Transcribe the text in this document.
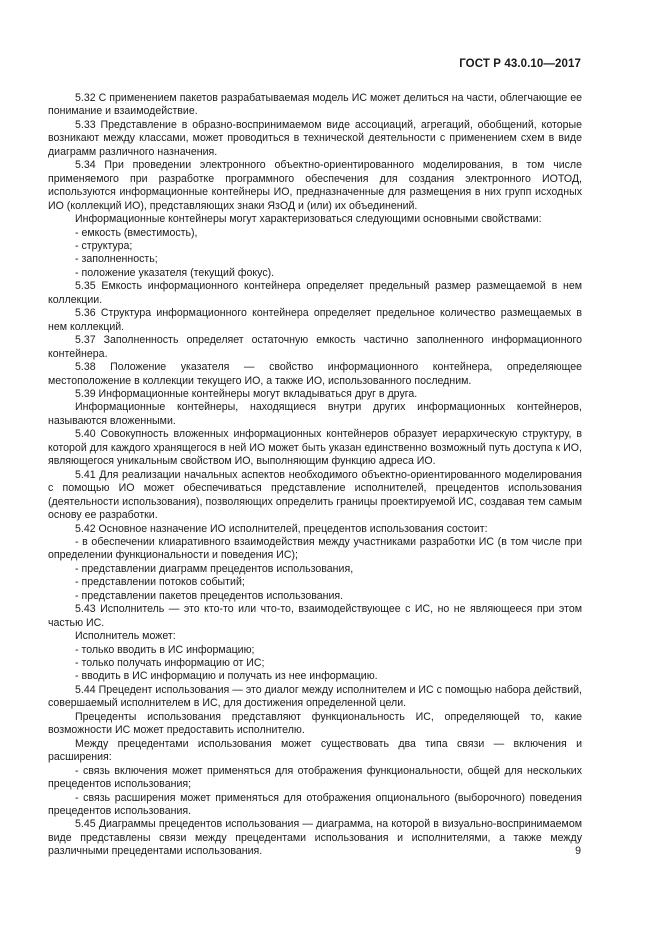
ГОСТ Р 43.0.10—2017

5.32 С применением пакетов разрабатываемая модель ИС может делиться на части, облегчающие ее понимание и взаимодействие.

5.33 Представление в образно-воспринимаемом виде ассоциаций, агрегаций, обобщений, которые возникают между классами, может проводиться в технической деятельности с применением схем в виде диаграмм различного назначения.

5.34 При проведении электронного объектно-ориентированного моделирования, в том числе применяемого при разработке программного обеспечения для создания электронного ИОТОД, используются информационные контейнеры ИО, предназначенные для размещения в них групп исходных ИО (коллекций ИО), представляющих знаки ЯзОД и (или) их объединений.

Информационные контейнеры могут характеризоваться следующими основными свойствами:

- емкость (вместимость),

- структура;

- заполненность;

- положение указателя (текущий фокус).

5.35 Емкость информационного контейнера определяет предельный размер размещаемой в нем коллекции.

5.36 Структура информационного контейнера определяет предельное количество размещаемых в нем коллекций.

5.37 Заполненность определяет остаточную емкость частично заполненного информационного контейнера.

5.38 Положение указателя — свойство информационного контейнера, определяющее местоположение в коллекции текущего ИО, а также ИО, использованного последним.

5.39 Информационные контейнеры могут вкладываться друг в друга.

Информационные контейнеры, находящиеся внутри других информационных контейнеров, называются вложенными.

5.40 Совокупность вложенных информационных контейнеров образует иерархическую структуру, в которой для каждого хранящегося в ней ИО может быть указан единственно возможный путь доступа к ИО, являющегося уникальным свойством ИО, выполняющим функцию адреса ИО.

5.41 Для реализации начальных аспектов необходимого объектно-ориентированного моделирования с помощью ИО может обеспечиваться представление исполнителей, прецедентов использования (деятельности использования), позволяющих определить границы проектируемой ИС, создавая тем самым основу ее разработки.

5.42 Основное назначение ИО исполнителей, прецедентов использования состоит:

- в обеспечении клиаративного взаимодействия между участниками разработки ИС (в том числе при определении функциональности и поведения ИС);

- представлении диаграмм прецедентов использования,

- представлении потоков событий;

- представлении пакетов прецедентов использования.

5.43 Исполнитель — это кто-то или что-то, взаимодействующее с ИС, но не являющееся при этом частью ИС.

Исполнитель может:

- только вводить в ИС информацию;

- только получать информацию от ИС;

- вводить в ИС информацию и получать из нее информацию.

5.44 Прецедент использования — это диалог между исполнителем и ИС с помощью набора действий, совершаемый исполнителем в ИС, для достижения определенной цели.

Прецеденты использования представляют функциональность ИС, определяющей то, какие возможности ИС может предоставить исполнителю.

Между прецедентами использования может существовать два типа связи — включения и расширения:

- связь включения может применяться для отображения функциональности, общей для нескольких прецедентов использования;

- связь расширения может применяться для отображения опционального (выборочного) поведения прецедентов использования.

5.45 Диаграммы прецедентов использования — диаграмма, на которой в визуально-воспринимаемом виде представлены связи между прецедентами использования и исполнителями, а также между различными прецедентами использования.	9
